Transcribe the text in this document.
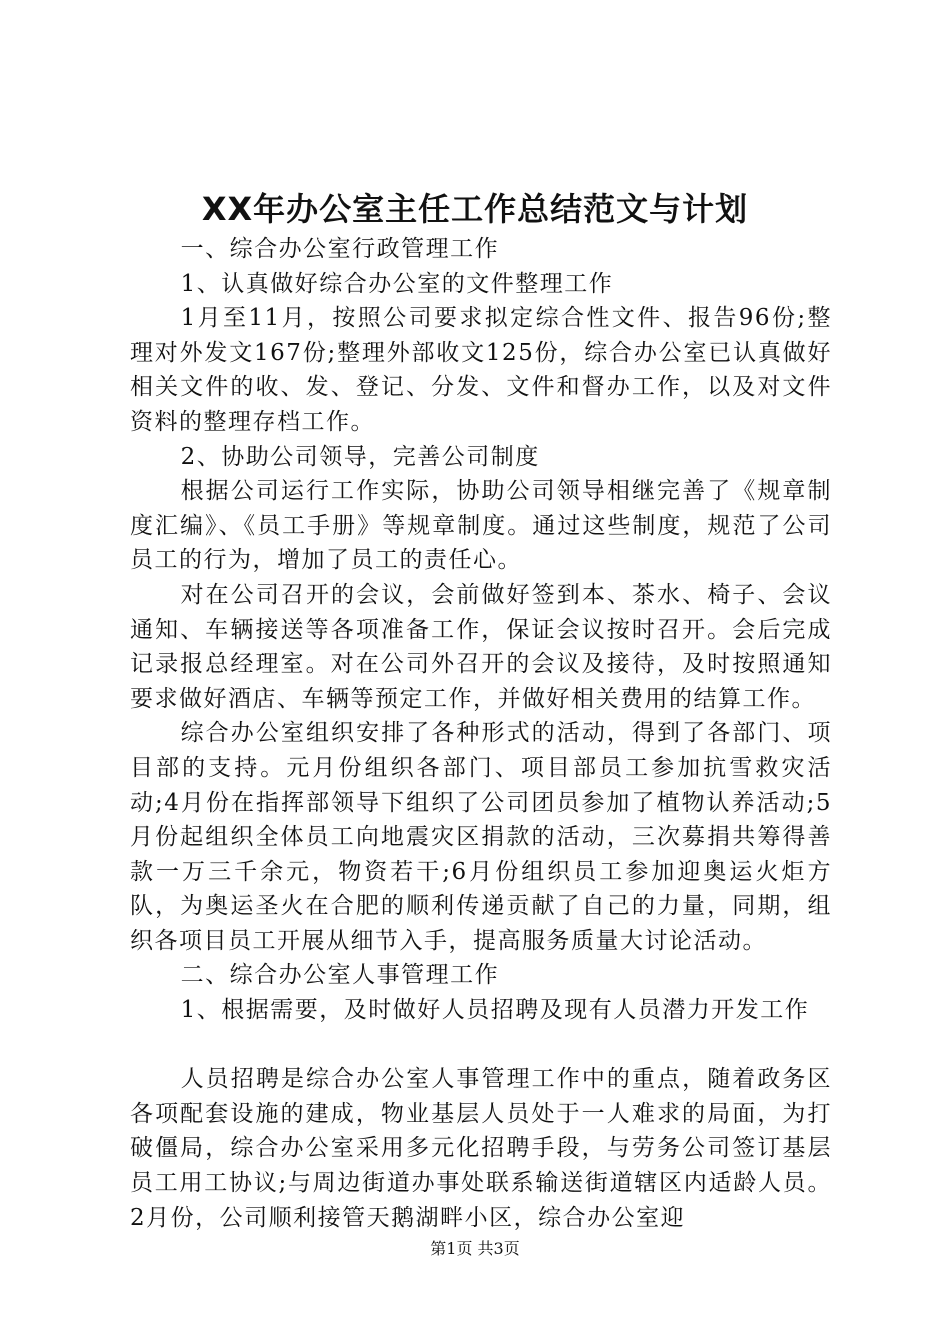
XX年办公室主任工作总结范文与计划

一、综合办公室行政管理工作

1、认真做好综合办公室的文件整理工作

1月至11月，按照公司要求拟定综合性文件、报告96份;整理对外发文167份;整理外部收文125份，综合办公室已认真做好相关文件的收、发、登记、分发、文件和督办工作，以及对文件资料的整理存档工作。

2、协助公司领导，完善公司制度

根据公司运行工作实际，协助公司领导相继完善了《规章制度汇编》、《员工手册》等规章制度。通过这些制度，规范了公司员工的行为，增加了员工的责任心。

对在公司召开的会议，会前做好签到本、茶水、椅子、会议通知、车辆接送等各项准备工作，保证会议按时召开。会后完成记录报总经理室。对在公司外召开的会议及接待，及时按照通知要求做好酒店、车辆等预定工作，并做好相关费用的结算工作。

综合办公室组织安排了各种形式的活动，得到了各部门、项目部的支持。元月份组织各部门、项目部员工参加抗雪救灾活动;4月份在指挥部领导下组织了公司团员参加了植物认养活动;5月份起组织全体员工向地震灾区捐款的活动，三次募捐共筹得善款一万三千余元，物资若干;6月份组织员工参加迎奥运火炬方队，为奥运圣火在合肥的顺利传递贡献了自己的力量，同期，组织各项目员工开展从细节入手，提高服务质量大讨论活动。

二、综合办公室人事管理工作

1、根据需要，及时做好人员招聘及现有人员潜力开发工作

人员招聘是综合办公室人事管理工作中的重点，随着政务区各项配套设施的建成，物业基层人员处于一人难求的局面，为打破僵局，综合办公室采用多元化招聘手段，与劳务公司签订基层员工用工协议;与周边街道办事处联系输送街道辖区内适龄人员。2月份，公司顺利接管天鹅湖畔小区，综合办公室迎

第1页 共3页
